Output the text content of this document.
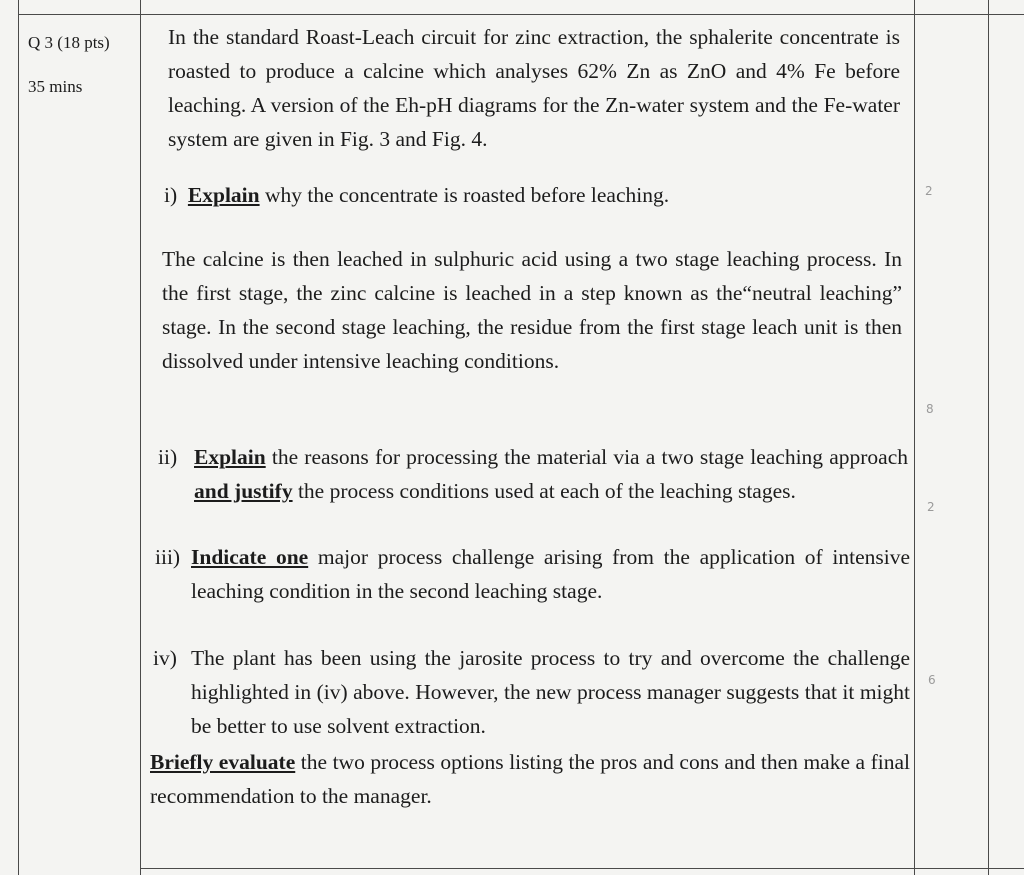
Q 3 (18 pts)
35 mins
In the standard Roast-Leach circuit for zinc extraction, the sphalerite concentrate is roasted to produce a calcine which analyses 62% Zn as ZnO and 4% Fe before leaching. A version of the Eh-pH diagrams for the Zn-water system and the Fe-water system are given in Fig. 3 and Fig. 4.
i) Explain why the concentrate is roasted before leaching.
The calcine is then leached in sulphuric acid using a two stage leaching process. In the first stage, the zinc calcine is leached in a step known as the“neutral leaching” stage. In the second stage leaching, the residue from the first stage leach unit is then dissolved under intensive leaching conditions.
ii) Explain the reasons for processing the material via a two stage leaching approach and justify the process conditions used at each of the leaching stages.
iii) Indicate one major process challenge arising from the application of intensive leaching condition in the second leaching stage.
iv) The plant has been using the jarosite process to try and overcome the challenge highlighted in (iv) above. However, the new process manager suggests that it might be better to use solvent extraction.
Briefly evaluate the two process options listing the pros and cons and then make a final recommendation to the manager.
2
8
2
6
